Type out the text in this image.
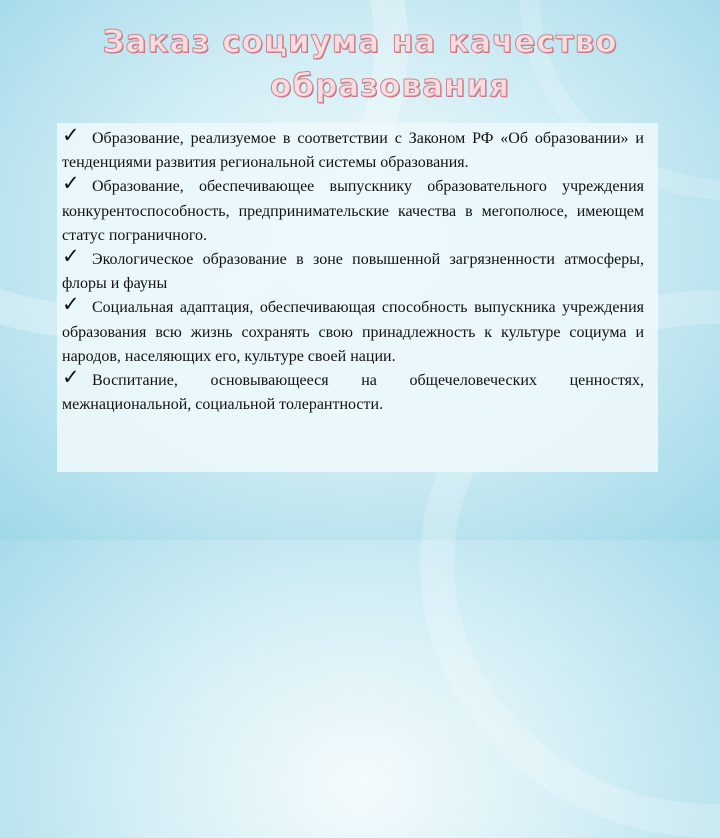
Заказ социума на качество
образования

✓ Образование, реализуемое в соответствии с Законом РФ «Об образовании» и тенденциями развития региональной системы образования.

✓ Образование, обеспечивающее выпускнику образовательного учреждения конкурентоспособность, предпринимательские качества в мегополюсе, имеющем статус пограничного.

✓ Экологическое образование в зоне повышенной загрязненности атмосферы, флоры и фауны

✓ Социальная адаптация, обеспечивающая способность выпускника учреждения образования всю жизнь сохранять свою принадлежность к культуре социума и народов, населяющих его, культуре своей нации.

✓ Воспитание, основывающееся на общечеловеческих ценностях, межнациональной, социальной толерантности.
